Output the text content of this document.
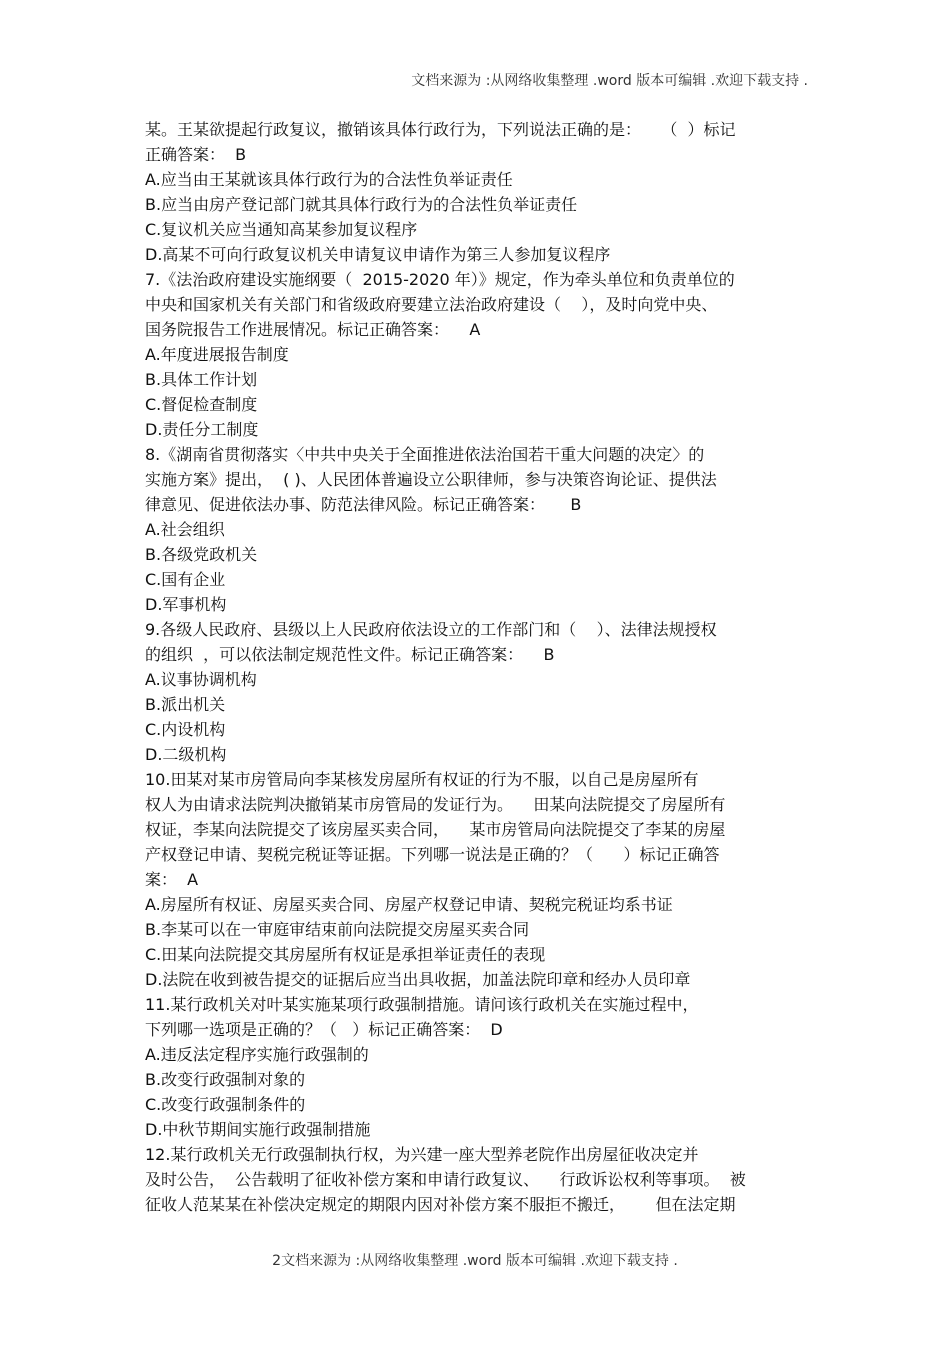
文档来源为 :从网络收集整理 .word 版本可编辑 .欢迎下载支持 .
某。王某欲提起行政复议，撤销该具体行政行为，下列说法正确的是：    （  ）标记
正确答案：  B
A.应当由王某就该具体行政行为的合法性负举证责任
B.应当由房产登记部门就其具体行政行为的合法性负举证责任
C.复议机关应当通知高某参加复议程序
D.高某不可向行政复议机关申请复议申请作为第三人参加复议程序
7.《法治政府建设实施纲要（  2015-2020 年）》规定，作为牵头单位和负责单位的
中央和国家机关有关部门和省级政府要建立法治政府建设（    ），及时向党中央、
国务院报告工作进展情况。标记正确答案：    A
A.年度进展报告制度
B.具体工作计划
C.督促检查制度
D.责任分工制度
8.《湖南省贯彻落实〈中共中央关于全面推进依法治国若干重大问题的决定〉的
实施方案》提出，  ( )、人民团体普遍设立公职律师，参与决策咨询论证、提供法
律意见、促进依法办事、防范法律风险。标记正确答案：     B
A.社会组织
B.各级党政机关
C.国有企业
D.军事机构
9.各级人民政府、县级以上人民政府依法设立的工作部门和（    ）、法律法规授权
的组织  ，可以依法制定规范性文件。标记正确答案：    B
A.议事协调机构
B.派出机关
C.内设机构
D.二级机构
10.田某对某市房管局向李某核发房屋所有权证的行为不服，以自己是房屋所有
权人为由请求法院判决撤销某市房管局的发证行为。    田某向法院提交了房屋所有
权证，李某向法院提交了该房屋买卖合同，    某市房管局向法院提交了李某的房屋
产权登记申请、契税完税证等证据。下列哪一说法是正确的？（      ）标记正确答
案：  A
A.房屋所有权证、房屋买卖合同、房屋产权登记申请、契税完税证均系书证
B.李某可以在一审庭审结束前向法院提交房屋买卖合同
C.田某向法院提交其房屋所有权证是承担举证责任的表现
D.法院在收到被告提交的证据后应当出具收据，加盖法院印章和经办人员印章
11.某行政机关对叶某实施某项行政强制措施。请问该行政机关在实施过程中，
下列哪一选项是正确的？（   ）标记正确答案：  D
A.违反法定程序实施行政强制的
B.改变行政强制对象的
C.改变行政强制条件的
D.中秋节期间实施行政强制措施
12.某行政机关无行政强制执行权，为兴建一座大型养老院作出房屋征收决定并
及时公告，  公告载明了征收补偿方案和申请行政复议、    行政诉讼权利等事项。  被
征收人范某某在补偿决定规定的期限内因对补偿方案不服拒不搬迁，      但在法定期
2文档来源为 :从网络收集整理 .word 版本可编辑 .欢迎下载支持 .
